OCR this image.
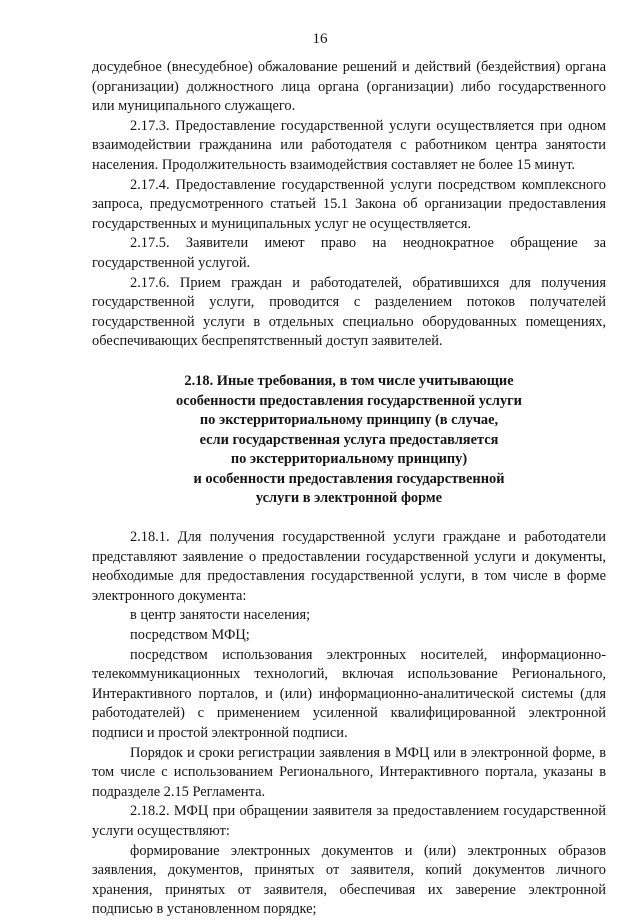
16

досудебное (внесудебное) обжалование решений и действий (бездействия) органа (организации) должностного лица органа (организации) либо государственного или муниципального служащего.

2.17.3. Предоставление государственной услуги осуществляется при одном взаимодействии гражданина или работодателя с работником центра занятости населения. Продолжительность взаимодействия составляет не более 15 минут.

2.17.4. Предоставление государственной услуги посредством комплексного запроса, предусмотренного статьей 15.1 Закона об организации предоставления государственных и муниципальных услуг не осуществляется.

2.17.5. Заявители имеют право на неоднократное обращение за государственной услугой.

2.17.6. Прием граждан и работодателей, обратившихся для получения государственной услуги, проводится с разделением потоков получателей государственной услуги в отдельных специально оборудованных помещениях, обеспечивающих беспрепятственный доступ заявителей.

2.18. Иные требования, в том числе учитывающие
особенности предоставления государственной услуги
по экстерриториальному принципу (в случае,
если государственная услуга предоставляется
по экстерриториальному принципу)
и особенности предоставления государственной
услуги в электронной форме

2.18.1. Для получения государственной услуги граждане и работодатели представляют заявление о предоставлении государственной услуги и документы, необходимые для предоставления государственной услуги, в том числе в форме электронного документа:

в центр занятости населения;

посредством МФЦ;

посредством использования электронных носителей, информационно-телекоммуникационных технологий, включая использование Регионального, Интерактивного порталов, и (или) информационно-аналитической системы (для работодателей) с применением усиленной квалифицированной электронной подписи и простой электронной подписи.

Порядок и сроки регистрации заявления в МФЦ или в электронной форме, в том числе с использованием Регионального, Интерактивного портала, указаны в подразделе 2.15 Регламента.

2.18.2. МФЦ при обращении заявителя за предоставлением государственной услуги осуществляют:

формирование электронных документов и (или) электронных образов заявления, документов, принятых от заявителя, копий документов личного хранения, принятых от заявителя, обеспечивая их заверение электронной подписью в установленном порядке;
